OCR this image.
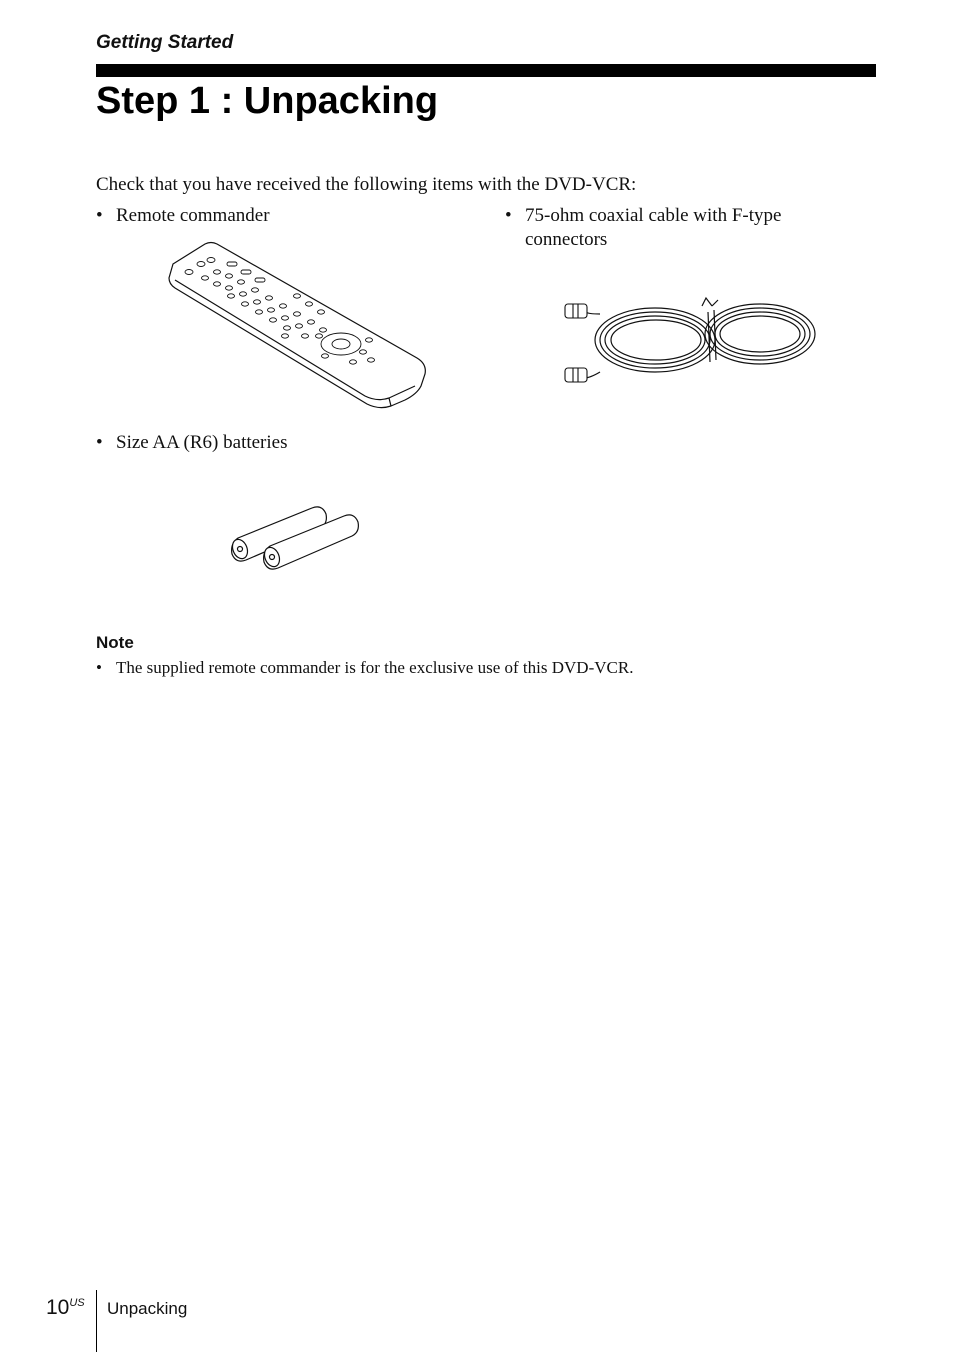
Getting Started
Step 1 : Unpacking
Check that you have received the following items with the DVD-VCR:
• Remote commander	• 75-ohm coaxial cable with F-type connectors
• Size AA (R6) batteries
Note
• The supplied remote commander is for the exclusive use of this DVD-VCR.
$10^{US}$ Unpacking
